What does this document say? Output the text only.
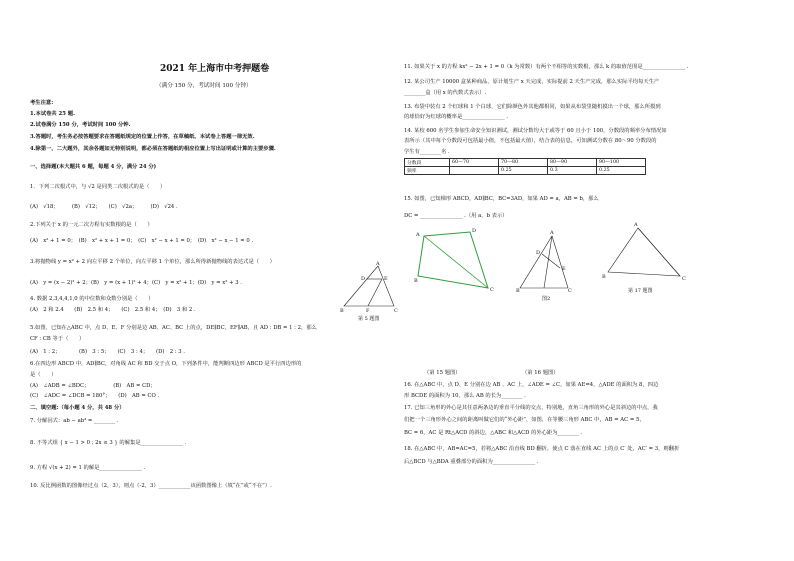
2021 年上海市中考押题卷
（满分 150 分，考试时间 100 分钟）
考生注意:
1.本试卷共 25 题.
2.试卷满分 150 分，考试时间 100 分钟.
3.答题时，考生务必按答题要求在答题纸规定的位置上作答，在草稿纸、本试卷上答题一律无效.
4.除第一、二大题外，其余各题如无特别说明，都必须在答题纸的相应位置上写出证明或计算的主要步骤.
一、选择题(本大题共 6 题，每题 4 分，满分 24 分)
1．下列二次根式中，与 √2 是同类二次根式的是（　　）
(A)　√18；　　　(B)　√12；　　(C)　√2a；　　　(D)　√24 .
2.下列关于 x 的一元二次方程有实数根的是（　　）
(A)　x² + 1 = 0；　(B)　x² + x + 1 = 0；　(C)　x² − x + 1 = 0；　(D)　x² − x − 1 = 0 .
3.将抛物线 y = x² + 2 向左平移 2 个单位，向左平移 1 个单位，那么所得新抛物线的表达式是（　　）
(A)　y = (x − 2)² + 2；(B)　y = (x + 1)² + 4；(C)　y = x² + 1；(D)　y = x² + 3 .
4. 数据 2,3,4,4,1,0 的中位数和众数分别是（　　）
(A)　2 和 2.4　　(B)　2.5 和 4；　　(C)　2.5 和 4；　(D)　3 和 2 .
5.如图，已知在△ABC 中，点 D、E、F 分别是边 AB、AC、BC 上的点，DE∥BC，EF∥AB，且 AD : DB = 1 : 2，那么
CF : CB 等于（　　）
(A)　1 : 2；　　　　(B)　3 : 5；　　(C)　3 : 4；　　(D)　2 : 3 .
6.在四边形 ABCD 中，AD∥BC，对角线 AC 和 BD 交于点 O，下列条件中，能判断四边形 ABCD 是平行四边形的
是（　　）
(A)　∠ADB = ∠BDC；　　　　　(B)　AB = CD；
(C)　∠ADC = ∠DCB = 180°；　　(D)　AB = CO .
二、填空题:（每小题 4 分，共 48 分）
7. 分解因式：ab − ab³ = ________ .
8. 不等式组 { x − 1 > 0 ; 2x ≤ 3 } 的解集是________________ .
9. 方程 √(x + 2) = 1 的解是________________ .
10. 反比例函数的图像经过点（2，3），则点（-2，3）____________该函数图像上（填“在”或“不在”）.
A
B	C
D	E
F
第 5 题图
11. 如果关于 x 的方程 kx² − 2x + 1 = 0（k 为常数）有两个不相等的实数根，那么 k 的取值范围是________________ .
12. 某公司生产 10000 盒某种商品，原计划生产 x 天完成，实际提前 2 天生产完成，那么实际平均每天生产
________盒（用 x 的代数式表示）.
13. 布袋中装有 2 个红球和 1 个白球，它们除颜色外其他都相同，如果从布袋里随机摸出一个球，那么所摸到
的球恰好为红球的概率是________________ .
14. 某校 600 名学生参加生命安全知识测试，测试分数均大于或等于 60 且小于 100，分数段的频率分布情况如
表所示（其中每个分数段可包括最小值，不包括最大值），结合表的信息，可知测试分数在 80～90 分数段的
学生有________名 .
分数段	60—70	70—80	80—90	90—100
频率		0.25	0.3	0.25
15. 如图，已知梯形 ABCD，AD∥BC，BC=3AD，如果 AD = a，AB = b，那么
DC = ________________ .（用 a，b 表示）
A
D
B
C
A
B	C
D
E
图2
A
B	C
第 17 题图
（第 15 题图）	（第 16 题图）
16. 在△ABC 中，点 D、E 分别在边 AB 、AC 上，∠ADE = ∠C，如果 AE=4，△ADE 的面积为 8，四边
形 BCDE 的面积为 10，那么 AB 的长为________ .
17. 已知三角形的外心是其任意两条边的垂直平分线的交点，特别地，直角三角形的外心是其斜边的中点，我
们把一个三角形外心之间的距离叫做它们的“外心距”，如图，在等腰三角形 ABC 中，AB = AC = 5，
BC = 6，AC 是 Rt△ACD 的斜边，△ABC 和△ACD 的外心距为________ .
18. 在△ABC 中，AB=AC=5，若将△ABC 沿直线 BD 翻折，使点 C 落在直线 AC 上的点 C′ 处，AC′ = 3，则翻折
后△BCD 与△BDA 重叠部分的面积为________________ .
